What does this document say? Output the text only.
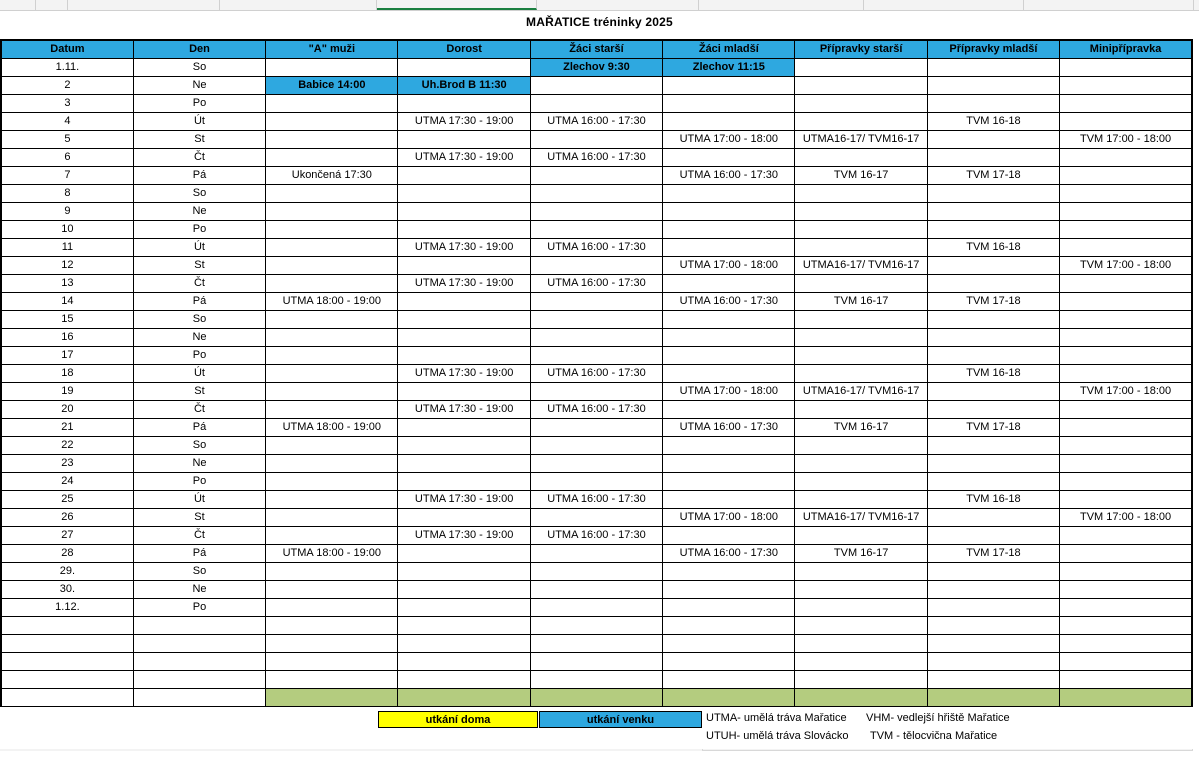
MAŘATICE tréninky 2025
Datum	Den	"A" muži	Dorost	Žáci starší	Žáci mladší	Přípravky starší	Přípravky mladší	Minipřípravka
1.11.	So			Zlechov 9:30	Zlechov 11:15			
2	Ne	Babice 14:00	Uh.Brod B 11:30					
3	Po							
4	Út		UTMA 17:30 - 19:00	UTMA 16:00 - 17:30			TVM 16-18	
5	St				UTMA 17:00 - 18:00	UTMA16-17/ TVM16-17		TVM 17:00 - 18:00
6	Čt		UTMA 17:30 - 19:00	UTMA 16:00 - 17:30				
7	Pá	Ukončená 17:30			UTMA 16:00 - 17:30	TVM 16-17	TVM 17-18	
8	So							
9	Ne							
10	Po							
11	Út		UTMA 17:30 - 19:00	UTMA 16:00 - 17:30			TVM 16-18	
12	St				UTMA 17:00 - 18:00	UTMA16-17/ TVM16-17		TVM 17:00 - 18:00
13	Čt		UTMA 17:30 - 19:00	UTMA 16:00 - 17:30				
14	Pá	UTMA 18:00 - 19:00			UTMA 16:00 - 17:30	TVM 16-17	TVM 17-18	
15	So							
16	Ne							
17	Po							
18	Út		UTMA 17:30 - 19:00	UTMA 16:00 - 17:30			TVM 16-18	
19	St				UTMA 17:00 - 18:00	UTMA16-17/ TVM16-17		TVM 17:00 - 18:00
20	Čt		UTMA 17:30 - 19:00	UTMA 16:00 - 17:30				
21	Pá	UTMA 18:00 - 19:00			UTMA 16:00 - 17:30	TVM 16-17	TVM 17-18	
22	So							
23	Ne							
24	Po							
25	Út		UTMA 17:30 - 19:00	UTMA 16:00 - 17:30			TVM 16-18	
26	St				UTMA 17:00 - 18:00	UTMA16-17/ TVM16-17		TVM 17:00 - 18:00
27	Čt		UTMA 17:30 - 19:00	UTMA 16:00 - 17:30				
28	Pá	UTMA 18:00 - 19:00			UTMA 16:00 - 17:30	TVM 16-17	TVM 17-18	
29.	So							
30.	Ne							
1.12.	Po							

utkání doma	utkání venku	UTMA- umělá tráva Mařatice VHM- vedlejší hřiště Mařatice
UTUH- umělá tráva Slovácko TVM - tělocvična Mařatice
